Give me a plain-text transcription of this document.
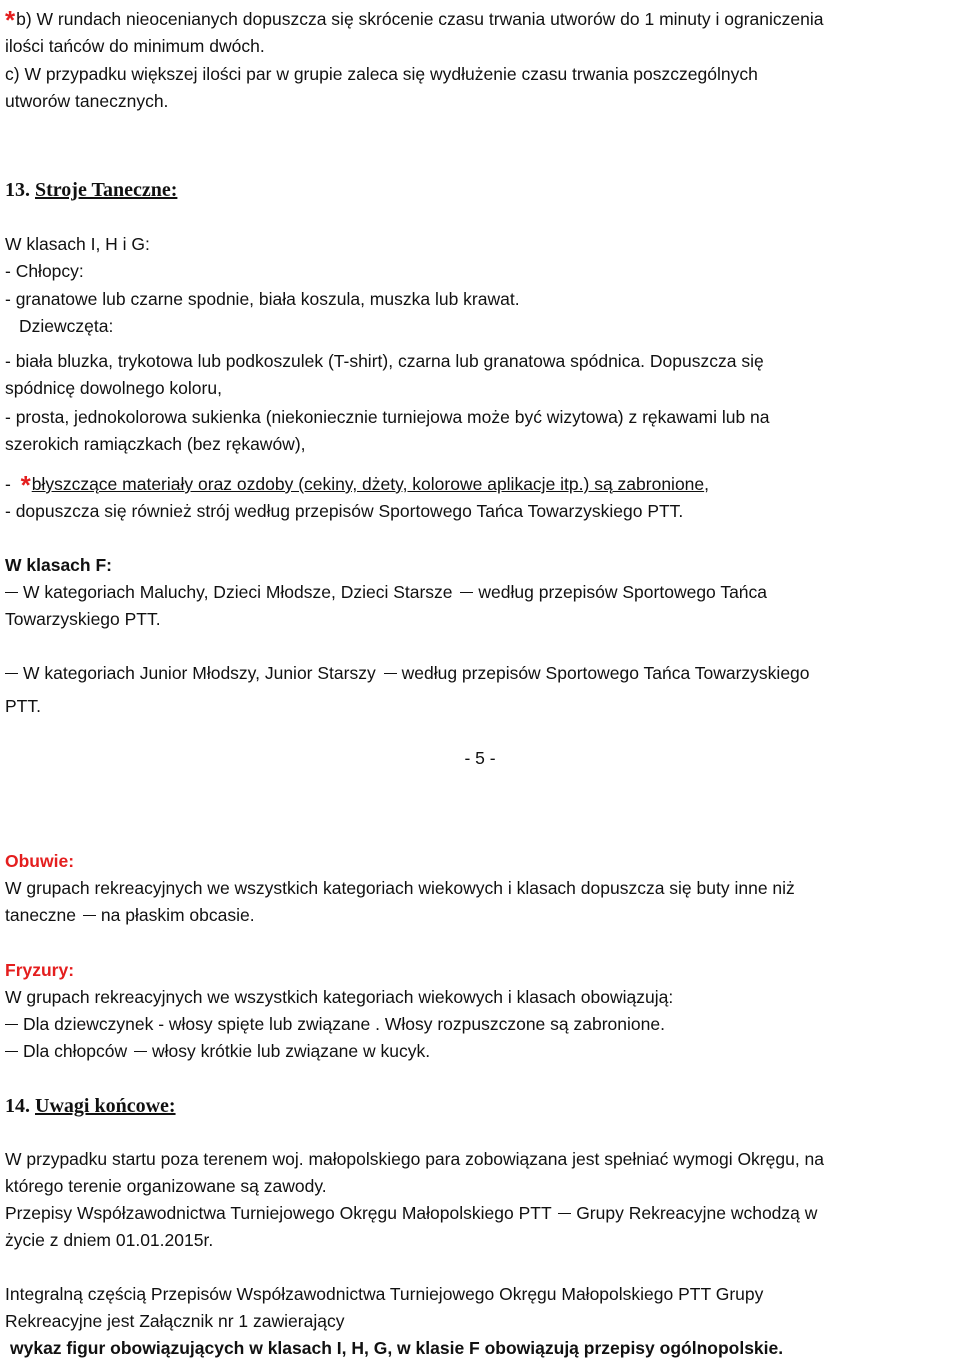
*b) W rundach nieocenianych dopuszcza się skrócenie czasu trwania utworów do 1 minuty i ograniczenia
ilości tańców do minimum dwóch.
c) W przypadku większej ilości par w grupie zaleca się wydłużenie czasu trwania poszczególnych
utworów tanecznych.
13. Stroje Taneczne:
W klasach I, H i G:
- Chłopcy:
- granatowe lub czarne spodnie, biała koszula, muszka lub krawat.
Dziewczęta:
- biała bluzka, trykotowa lub podkoszulek (T-shirt), czarna lub granatowa spódnica. Dopuszcza się
spódnicę dowolnego koloru,
- prosta, jednokolorowa sukienka (niekoniecznie turniejowa może być wizytowa) z rękawami lub na
szerokich ramiączkach (bez rękawów),
-  *błyszczące materiały oraz ozdoby (cekiny, dżety, kolorowe aplikacje itp.) są zabronione,
- dopuszcza się również strój według przepisów Sportowego Tańca Towarzyskiego PTT.
W klasach F:
W kategoriach Maluchy, Dzieci Młodsze, Dzieci Starsze według przepisów Sportowego Tańca
Towarzyskiego PTT.
W kategoriach Junior Młodszy, Junior Starszy według przepisów Sportowego Tańca Towarzyskiego
PTT.
- 5 -
Obuwie:
W grupach rekreacyjnych we wszystkich kategoriach wiekowych i klasach dopuszcza się buty inne niż
taneczne na płaskim obcasie.
Fryzury:
W grupach rekreacyjnych we wszystkich kategoriach wiekowych i klasach obowiązują:
Dla dziewczynek - włosy spięte lub związane . Włosy rozpuszczone są zabronione.
Dla chłopców włosy krótkie lub związane w kucyk.
14. Uwagi końcowe:
W przypadku startu poza terenem woj. małopolskiego para zobowiązana jest spełniać wymogi Okręgu, na
którego terenie organizowane są zawody.
Przepisy Współzawodnictwa Turniejowego Okręgu Małopolskiego PTT Grupy Rekreacyjne wchodzą w
życie z dniem 01.01.2015r.
Integralną częścią Przepisów Współzawodnictwa Turniejowego Okręgu Małopolskiego PTT Grupy
Rekreacyjne jest Załącznik nr 1 zawierający
wykaz figur obowiązujących w klasach I, H, G, w klasie F obowiązują przepisy ogólnopolskie.
